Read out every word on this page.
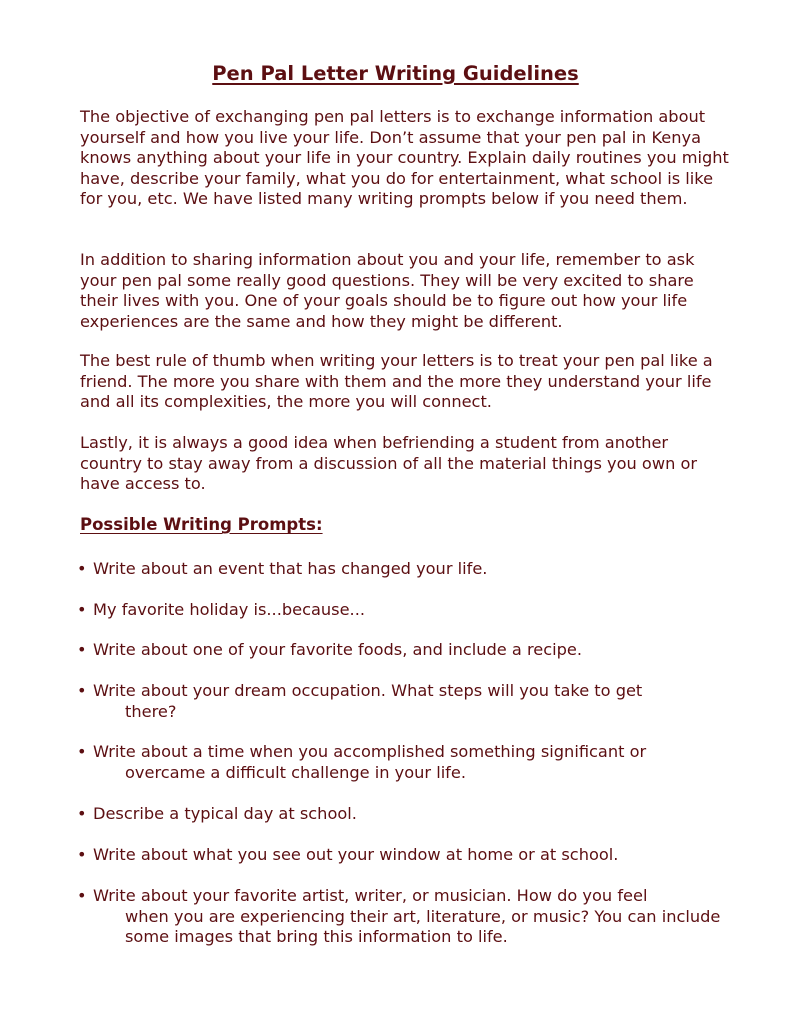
Pen Pal Letter Writing Guidelines

The objective of exchanging pen pal letters is to exchange information about yourself and how you live your life. Don’t assume that your pen pal in Kenya knows anything about your life in your country. Explain daily routines you might have, describe your family, what you do for entertainment, what school is like for you, etc. We have listed many writing prompts below if you need them.

In addition to sharing information about you and your life, remember to ask your pen pal some really good questions. They will be very excited to share their lives with you. One of your goals should be to figure out how your life experiences are the same and how they might be different.

The best rule of thumb when writing your letters is to treat your pen pal like a friend. The more you share with them and the more they understand your life and all its complexities, the more you will connect.

Lastly, it is always a good idea when befriending a student from another country to stay away from a discussion of all the material things you own or have access to.

Possible Writing Prompts:

• Write about an event that has changed your life.

• My favorite holiday is...because...

• Write about one of your favorite foods, and include a recipe.

• Write about your dream occupation. What steps will you take to get
there?

• Write about a time when you accomplished something significant or
overcame a difficult challenge in your life.

• Describe a typical day at school.

• Write about what you see out your window at home or at school.

• Write about your favorite artist, writer, or musician. How do you feel
when you are experiencing their art, literature, or music? You can include some images that bring this information to life.
